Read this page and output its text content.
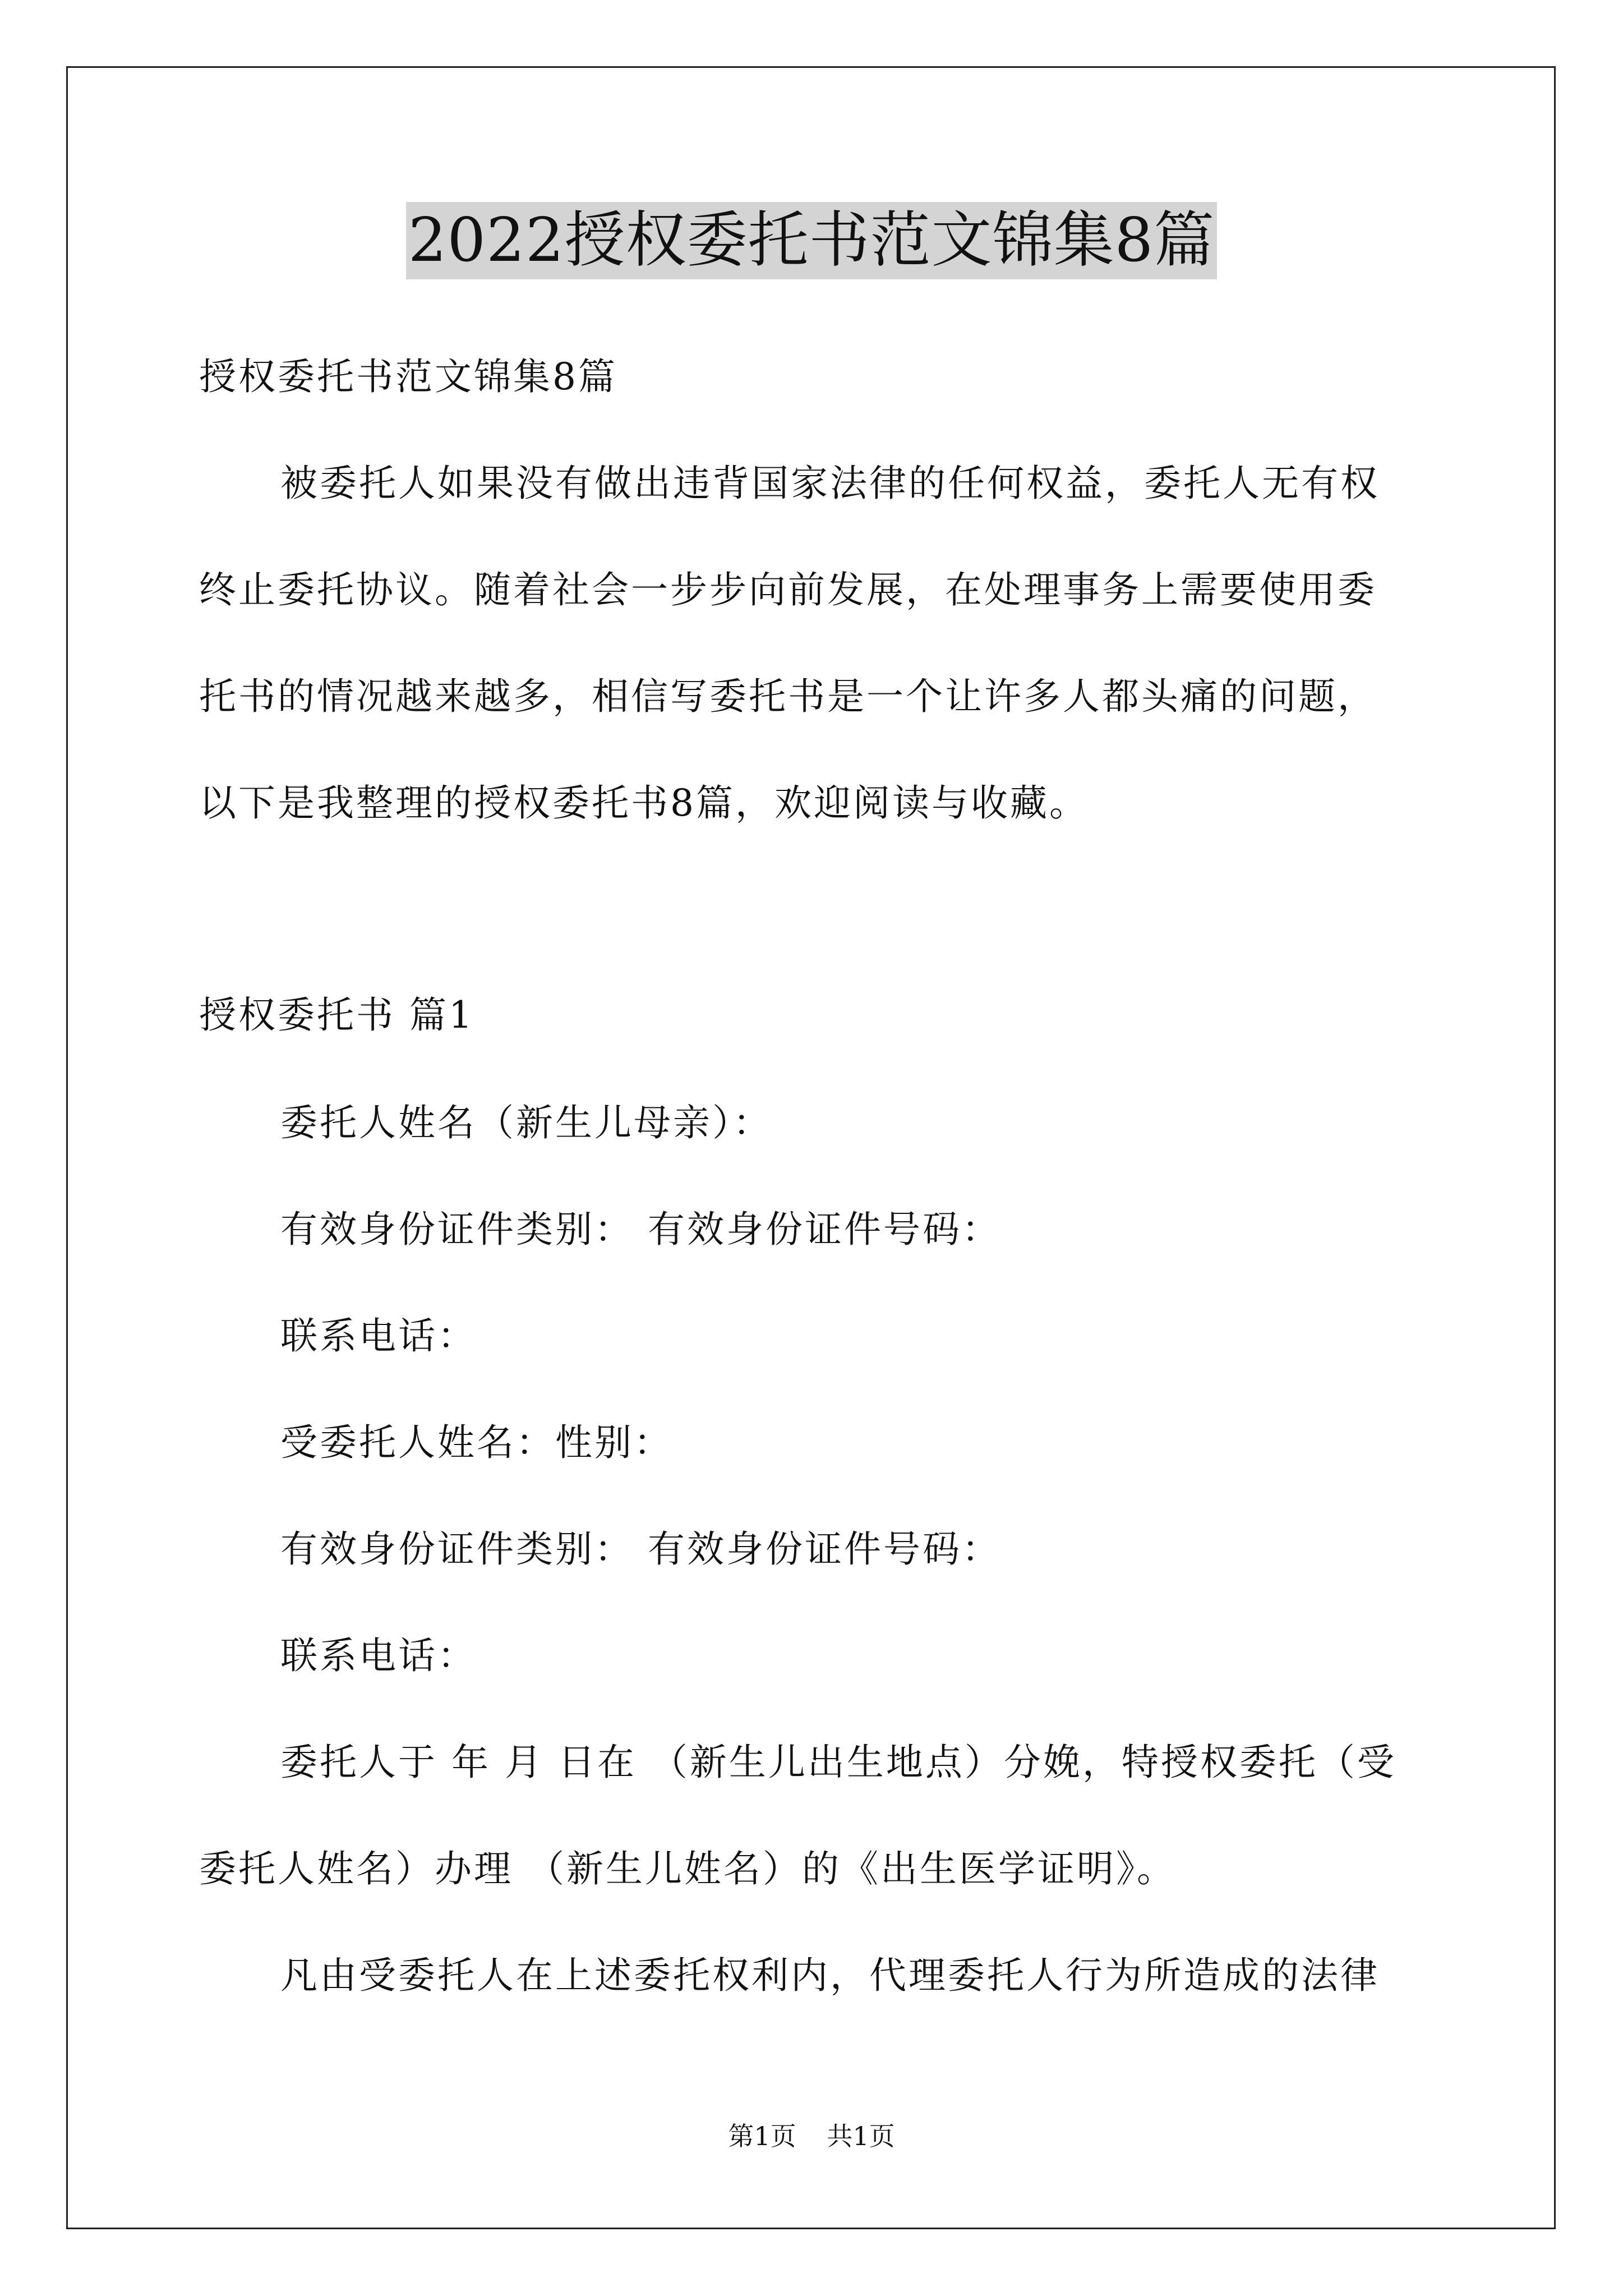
2022授权委托书范文锦集8篇
授权委托书范文锦集8篇
被委托人如果没有做出违背国家法律的任何权益，委托人无有权
终止委托协议。随着社会一步步向前发展，在处理事务上需要使用委
托书的情况越来越多，相信写委托书是一个让许多人都头痛的问题，
以下是我整理的授权委托书8篇，欢迎阅读与收藏。
授权委托书 篇1
委托人姓名（新生儿母亲）：
有效身份证件类别： 有效身份证件号码：
联系电话：
受委托人姓名：性别：
有效身份证件类别： 有效身份证件号码：
联系电话：
委托人于 年 月 日在 （新生儿出生地点）分娩，特授权委托（受
委托人姓名）办理 （新生儿姓名）的《出生医学证明》。
凡由受委托人在上述委托权利内，代理委托人行为所造成的法律
第1页 共1页
